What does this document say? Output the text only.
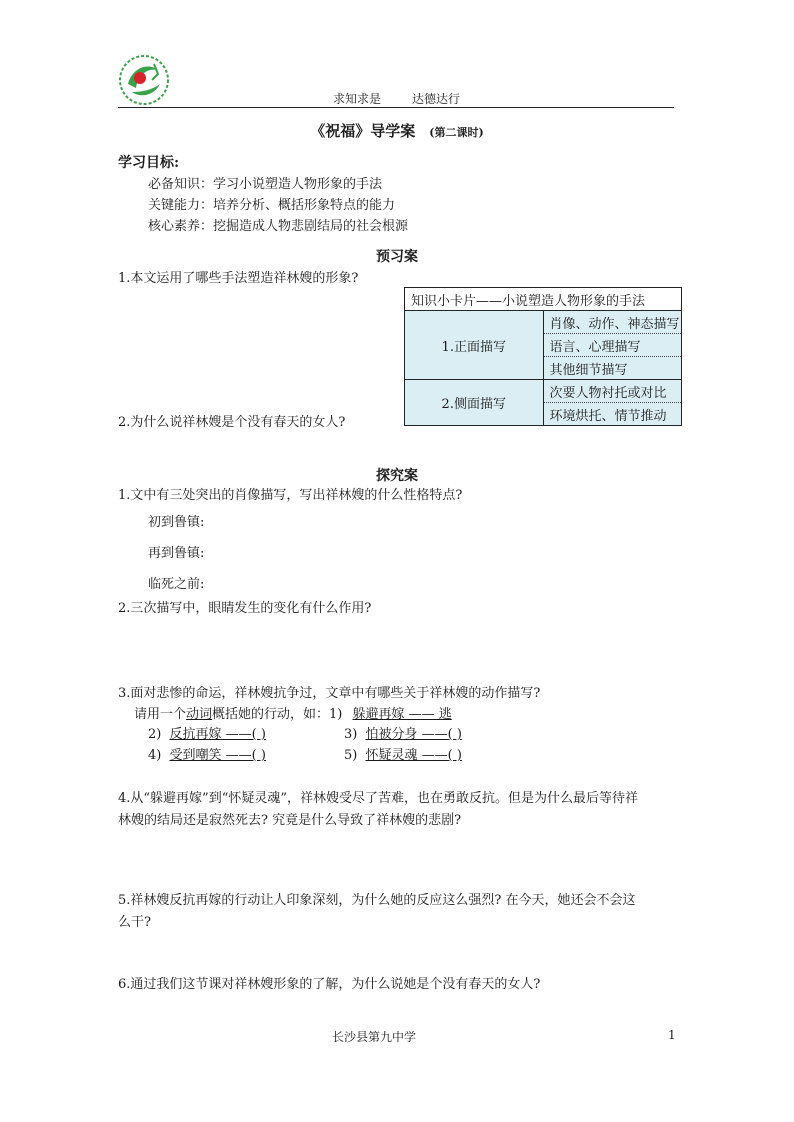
求知求是	达德达行
《祝福》导学案 (第二课时)
学习目标:
必备知识：学习小说塑造人物形象的手法
关键能力：培养分析、概括形象特点的能力
核心素养：挖掘造成人物悲剧结局的社会根源
预习案
1.本文运用了哪些手法塑造祥林嫂的形象?
知识小卡片——小说塑造人物形象的手法	
1.正面描写	肖像、动作、神态描写
	语言、心理描写
	其他细节描写
2.侧面描写	次要人物衬托或对比
	环境烘托、情节推动
2.为什么说祥林嫂是个没有春天的女人?
探究案
1.文中有三处突出的肖像描写，写出祥林嫂的什么性格特点?
初到鲁镇:
再到鲁镇:
临死之前:
2.三次描写中，眼睛发生的变化有什么作用?
3.面对悲惨的命运，祥林嫂抗争过，文章中有哪些关于祥林嫂的动作描写?
请用一个动词概括她的行动，如：1) 躲避再嫁 —— 逃
2) 反抗再嫁 ——( )	3) 怕被分身 ——( )
4) 受到嘲笑 ——( )	5) 怀疑灵魂 ——( )
4.从“躲避再嫁”到“怀疑灵魂”，祥林嫂受尽了苦难，也在勇敢反抗。但是为什么最后等待祥
林嫂的结局还是寂然死去? 究竟是什么导致了祥林嫂的悲剧?
5.祥林嫂反抗再嫁的行动让人印象深刻，为什么她的反应这么强烈? 在今天，她还会不会这
么干?
6.通过我们这节课对祥林嫂形象的了解，为什么说她是个没有春天的女人?
长沙县第九中学	1
